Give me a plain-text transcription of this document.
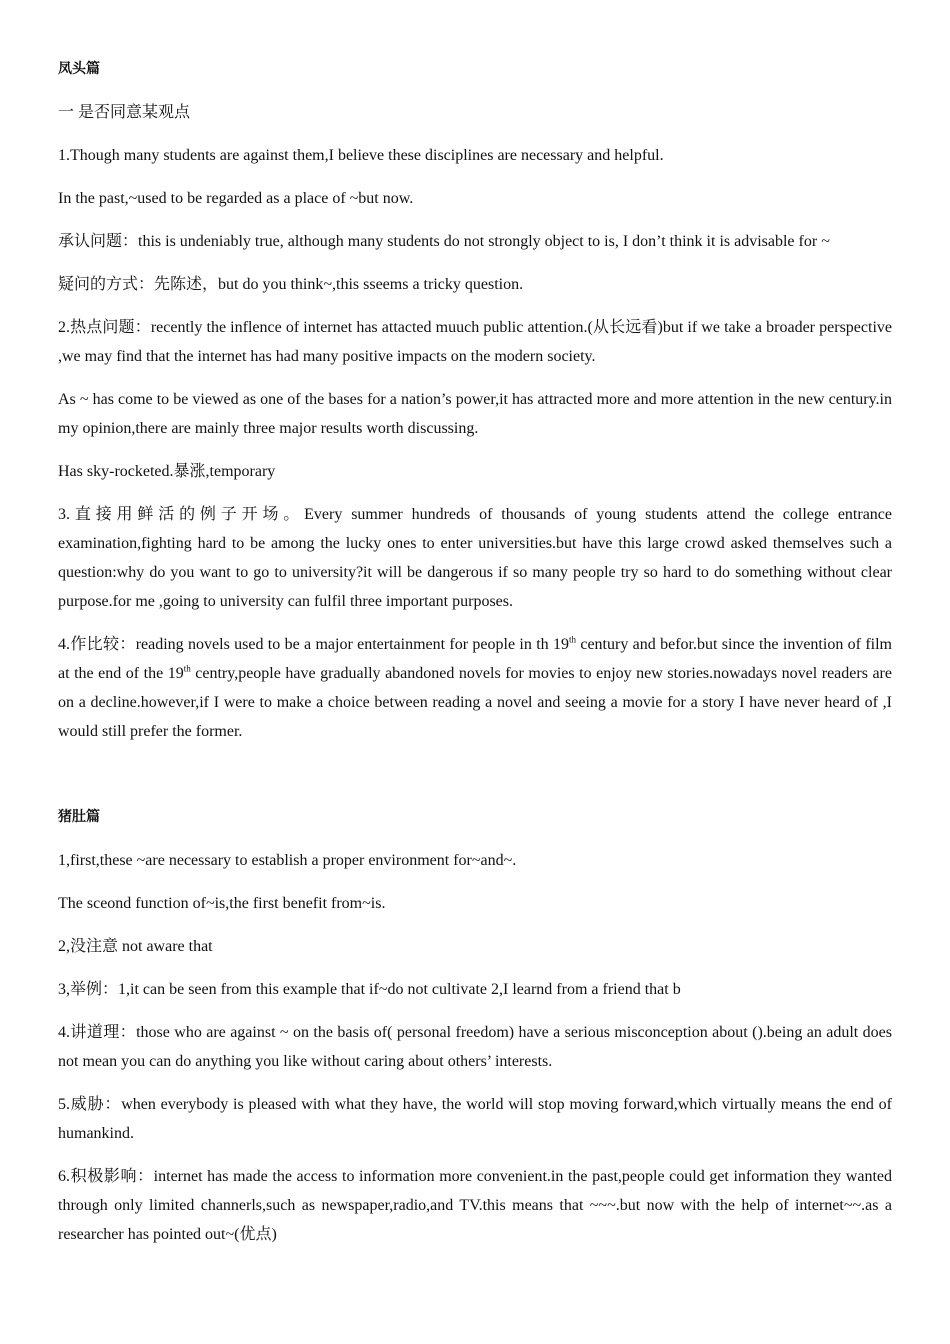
凤头篇

一 是否同意某观点

1.Though many students are against them,I believe these disciplines are necessary and helpful.

In the past,~used to be regarded as a place of ~but now.

承认问题：this is undeniably true, although many students do not strongly object to is, I don’t think it is advisable for ~

疑问的方式：先陈述，but do you think~,this sseems a tricky question.

2.热点问题：recently the inflence of internet has attacted muuch public attention.(从长远看)but if we take a broader perspective ,we may find that the internet has had many positive impacts on the modern society.

As ~ has come to be viewed as one of the bases for a nation’s power,it has attracted more and more attention in the new century.in my opinion,there are mainly three major results worth discussing.

Has sky-rocketed.暴涨,temporary

3.直接用鲜活的例子开场。Every summer hundreds of thousands of young students attend the college entrance examination,fighting hard to be among the lucky ones to enter universities.but have this large crowd asked themselves such a question:why do you want to go to university?it will be dangerous if so many people try so hard to do something without clear purpose.for me ,going to university can fulfil three important purposes.

4.作比较：reading novels used to be a major entertainment for people in th 19th century and befor.but since the invention of film at the end of the 19th centry,people have gradually abandoned novels for movies to enjoy new stories.nowadays novel readers are on a decline.however,if I were to make a choice between reading a novel and seeing a movie for a story I have never heard of ,I would still prefer the former.

猪肚篇

1,first,these ~are necessary to establish a proper environment for~and~.

The sceond function of~is,the first benefit from~is.

2,没注意 not aware that

3,举例：1,it can be seen from this example that if~do not cultivate 2,I learnd from a friend that b

4.讲道理：those who are against ~ on the basis of( personal freedom) have a serious misconception about ().being an adult does not mean you can do anything you like without caring about others’ interests.

5.威胁：when everybody is pleased with what they have, the world will stop moving forward,which virtually means the end of humankind.

6.积极影响：internet has made the access to information more convenient.in the past,people could get information they wanted through only limited channerls,such as newspaper,radio,and TV.this means that ~~~.but now with the help of internet~~.as a researcher has pointed out~(优点)
